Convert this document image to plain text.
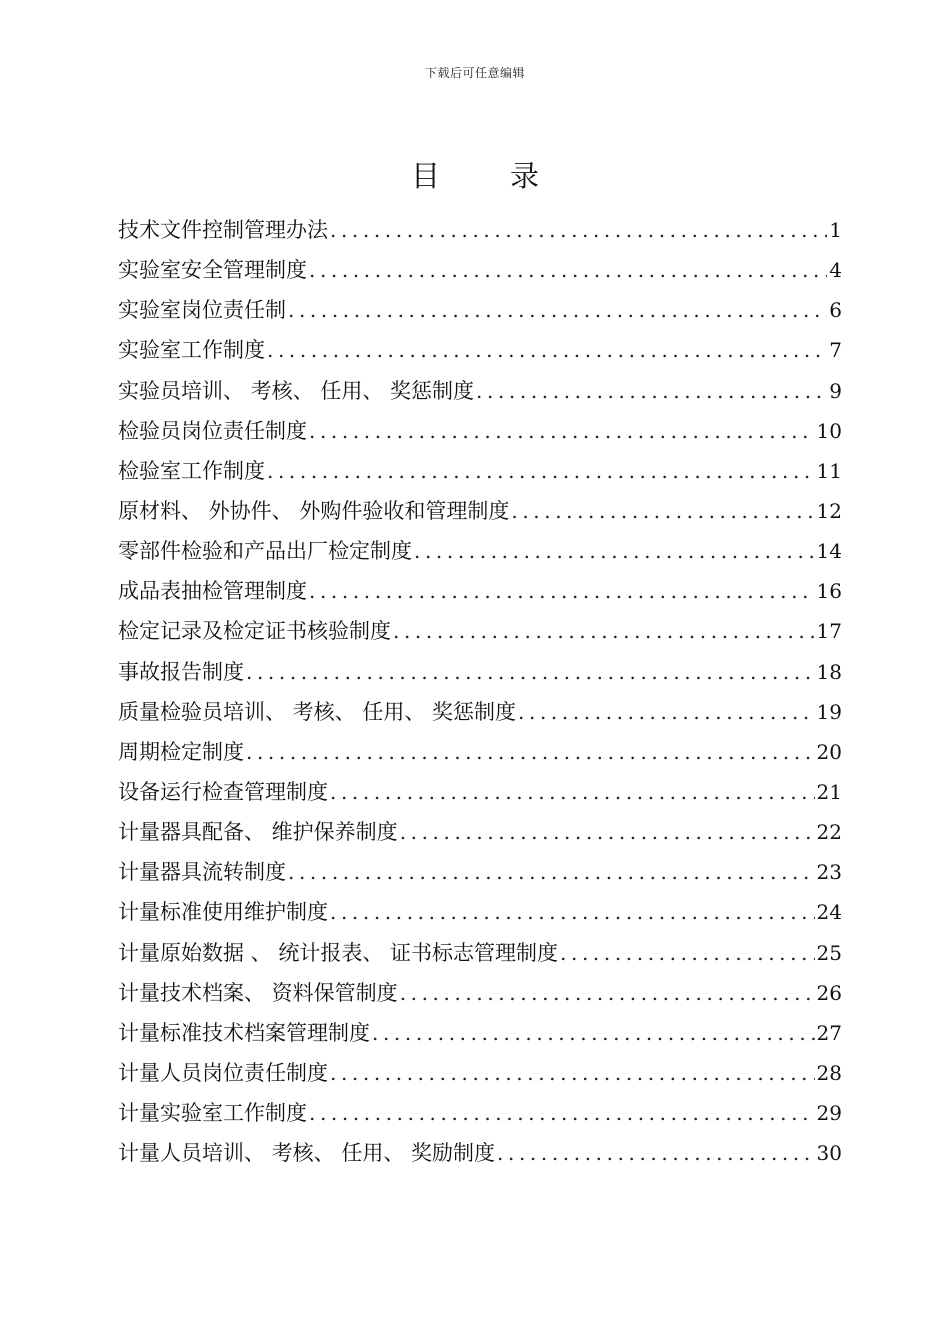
下载后可任意编辑
目录
技术文件控制管理办法 .....	1
实验室安全管理制度 .....	4
实验室岗位责任制 .....	6
实验室工作制度 .....	7
实验员培训、 考核、 任用、 奖惩制度 .....	9
检验员岗位责任制度 .....	10
检验室工作制度 .....	11
原材料、 外协件、 外购件验收和管理制度 .....	12
零部件检验和产品出厂检定制度 .....	14
成品表抽检管理制度 .....	16
检定记录及检定证书核验制度 .....	17
事故报告制度 .....	18
质量检验员培训、 考核、 任用、 奖惩制度 .....	19
周期检定制度 .....	20
设备运行检查管理制度 .....	21
计量器具配备、 维护保养制度 .....	22
计量器具流转制度 .....	23
计量标准使用维护制度 .....	24
计量原始数据 、 统计报表、 证书标志管理制度 .....	25
计量技术档案、 资料保管制度 .....	26
计量标准技术档案管理制度 .....	27
计量人员岗位责任制度 .....	28
计量实验室工作制度 .....	29
计量人员培训、 考核、 任用、 奖励制度 .....	30
